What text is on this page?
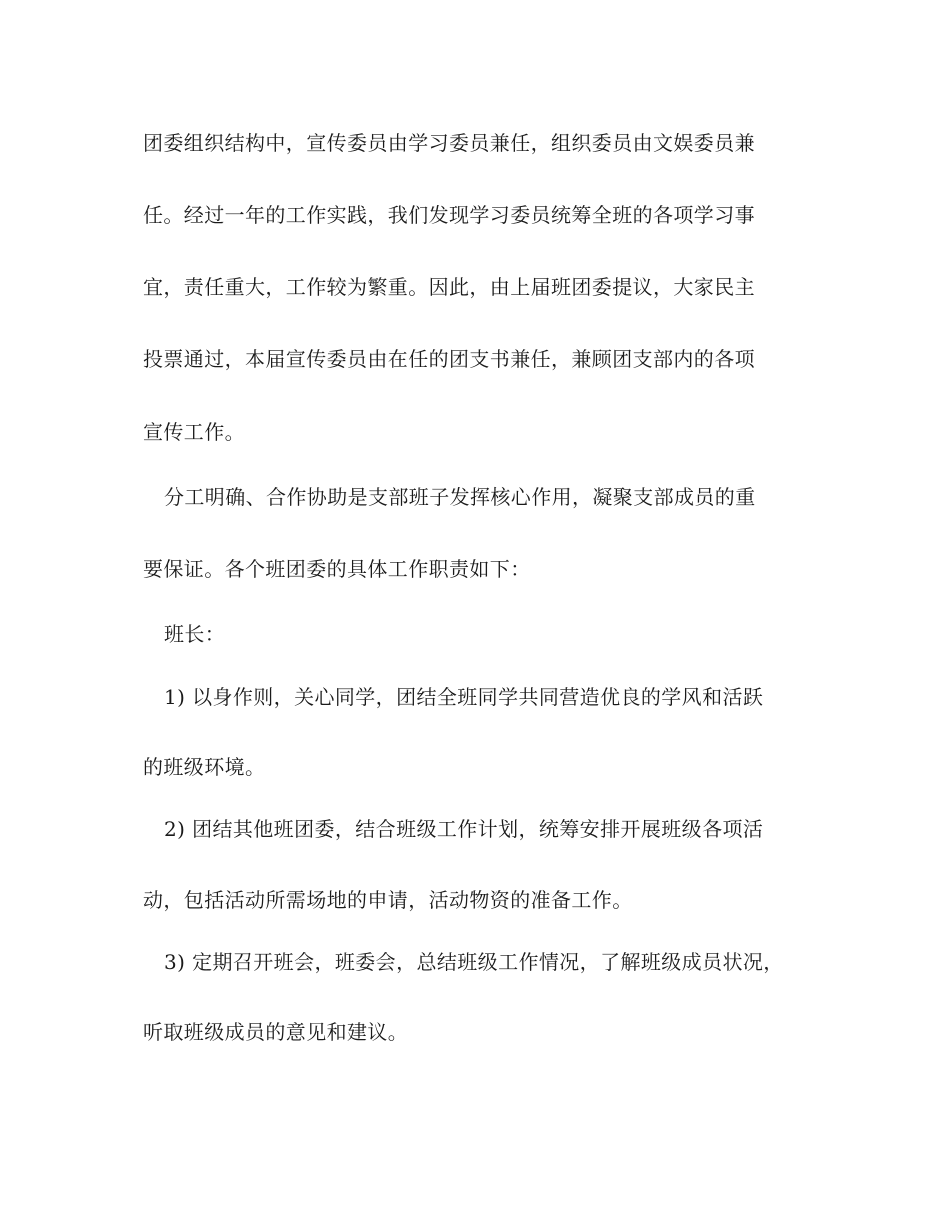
团委组织结构中，宣传委员由学习委员兼任，组织委员由文娱委员兼
任。经过一年的工作实践，我们发现学习委员统筹全班的各项学习事
宜，责任重大，工作较为繁重。因此，由上届班团委提议，大家民主
投票通过，本届宣传委员由在任的团支书兼任，兼顾团支部内的各项
宣传工作。
分工明确、合作协助是支部班子发挥核心作用，凝聚支部成员的重
要保证。各个班团委的具体工作职责如下：
班长：
1) 以身作则，关心同学，团结全班同学共同营造优良的学风和活跃
的班级环境。
2) 团结其他班团委，结合班级工作计划，统筹安排开展班级各项活
动，包括活动所需场地的申请，活动物资的准备工作。
3) 定期召开班会，班委会，总结班级工作情况，了解班级成员状况，
听取班级成员的意见和建议。
